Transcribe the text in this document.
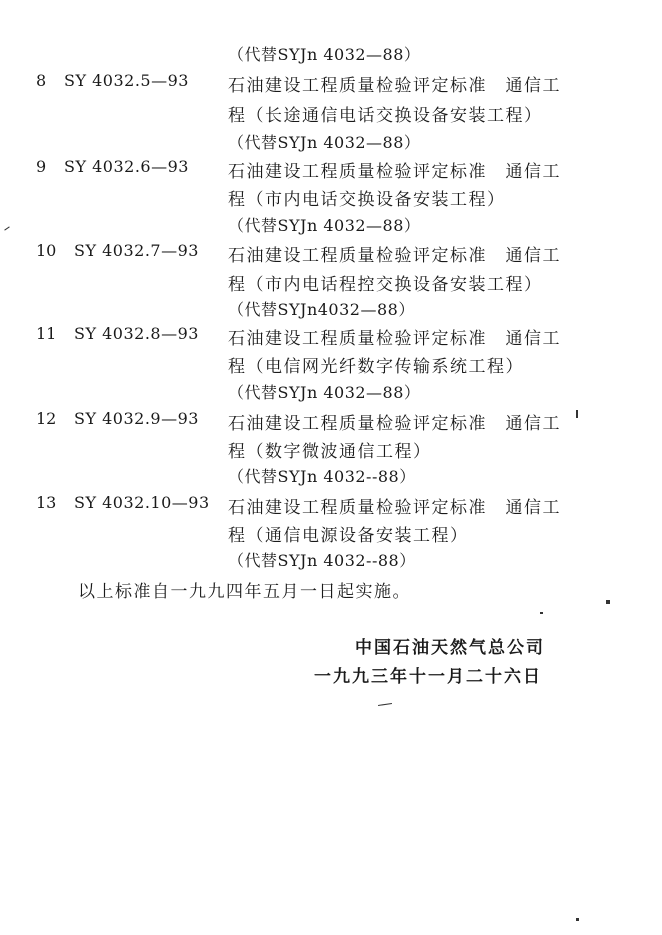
（代替SYJn 4032—88）
8 SY 4032.5—93 石油建设工程质量检验评定标准　通信工
程（长途通信电话交换设备安装工程）
（代替SYJn 4032—88）
9 SY 4032.6—93 石油建设工程质量检验评定标准　通信工
程（市内电话交换设备安装工程）
（代替SYJn 4032—88）
10 SY 4032.7—93 石油建设工程质量检验评定标准　通信工
程（市内电话程控交换设备安装工程）
（代替SYJn4032—88）
11 SY 4032.8—93 石油建设工程质量检验评定标准　通信工
程（电信网光纤数字传输系统工程）
（代替SYJn 4032—88）
12 SY 4032.9—93 石油建设工程质量检验评定标准　通信工
程（数字微波通信工程）
（代替SYJn 4032--88）
13 SY 4032.10—93 石油建设工程质量检验评定标准　通信工
程（通信电源设备安装工程）
（代替SYJn 4032--88）
以上标准自一九九四年五月一日起实施。
中国石油天然气总公司
一九九三年十一月二十六日
